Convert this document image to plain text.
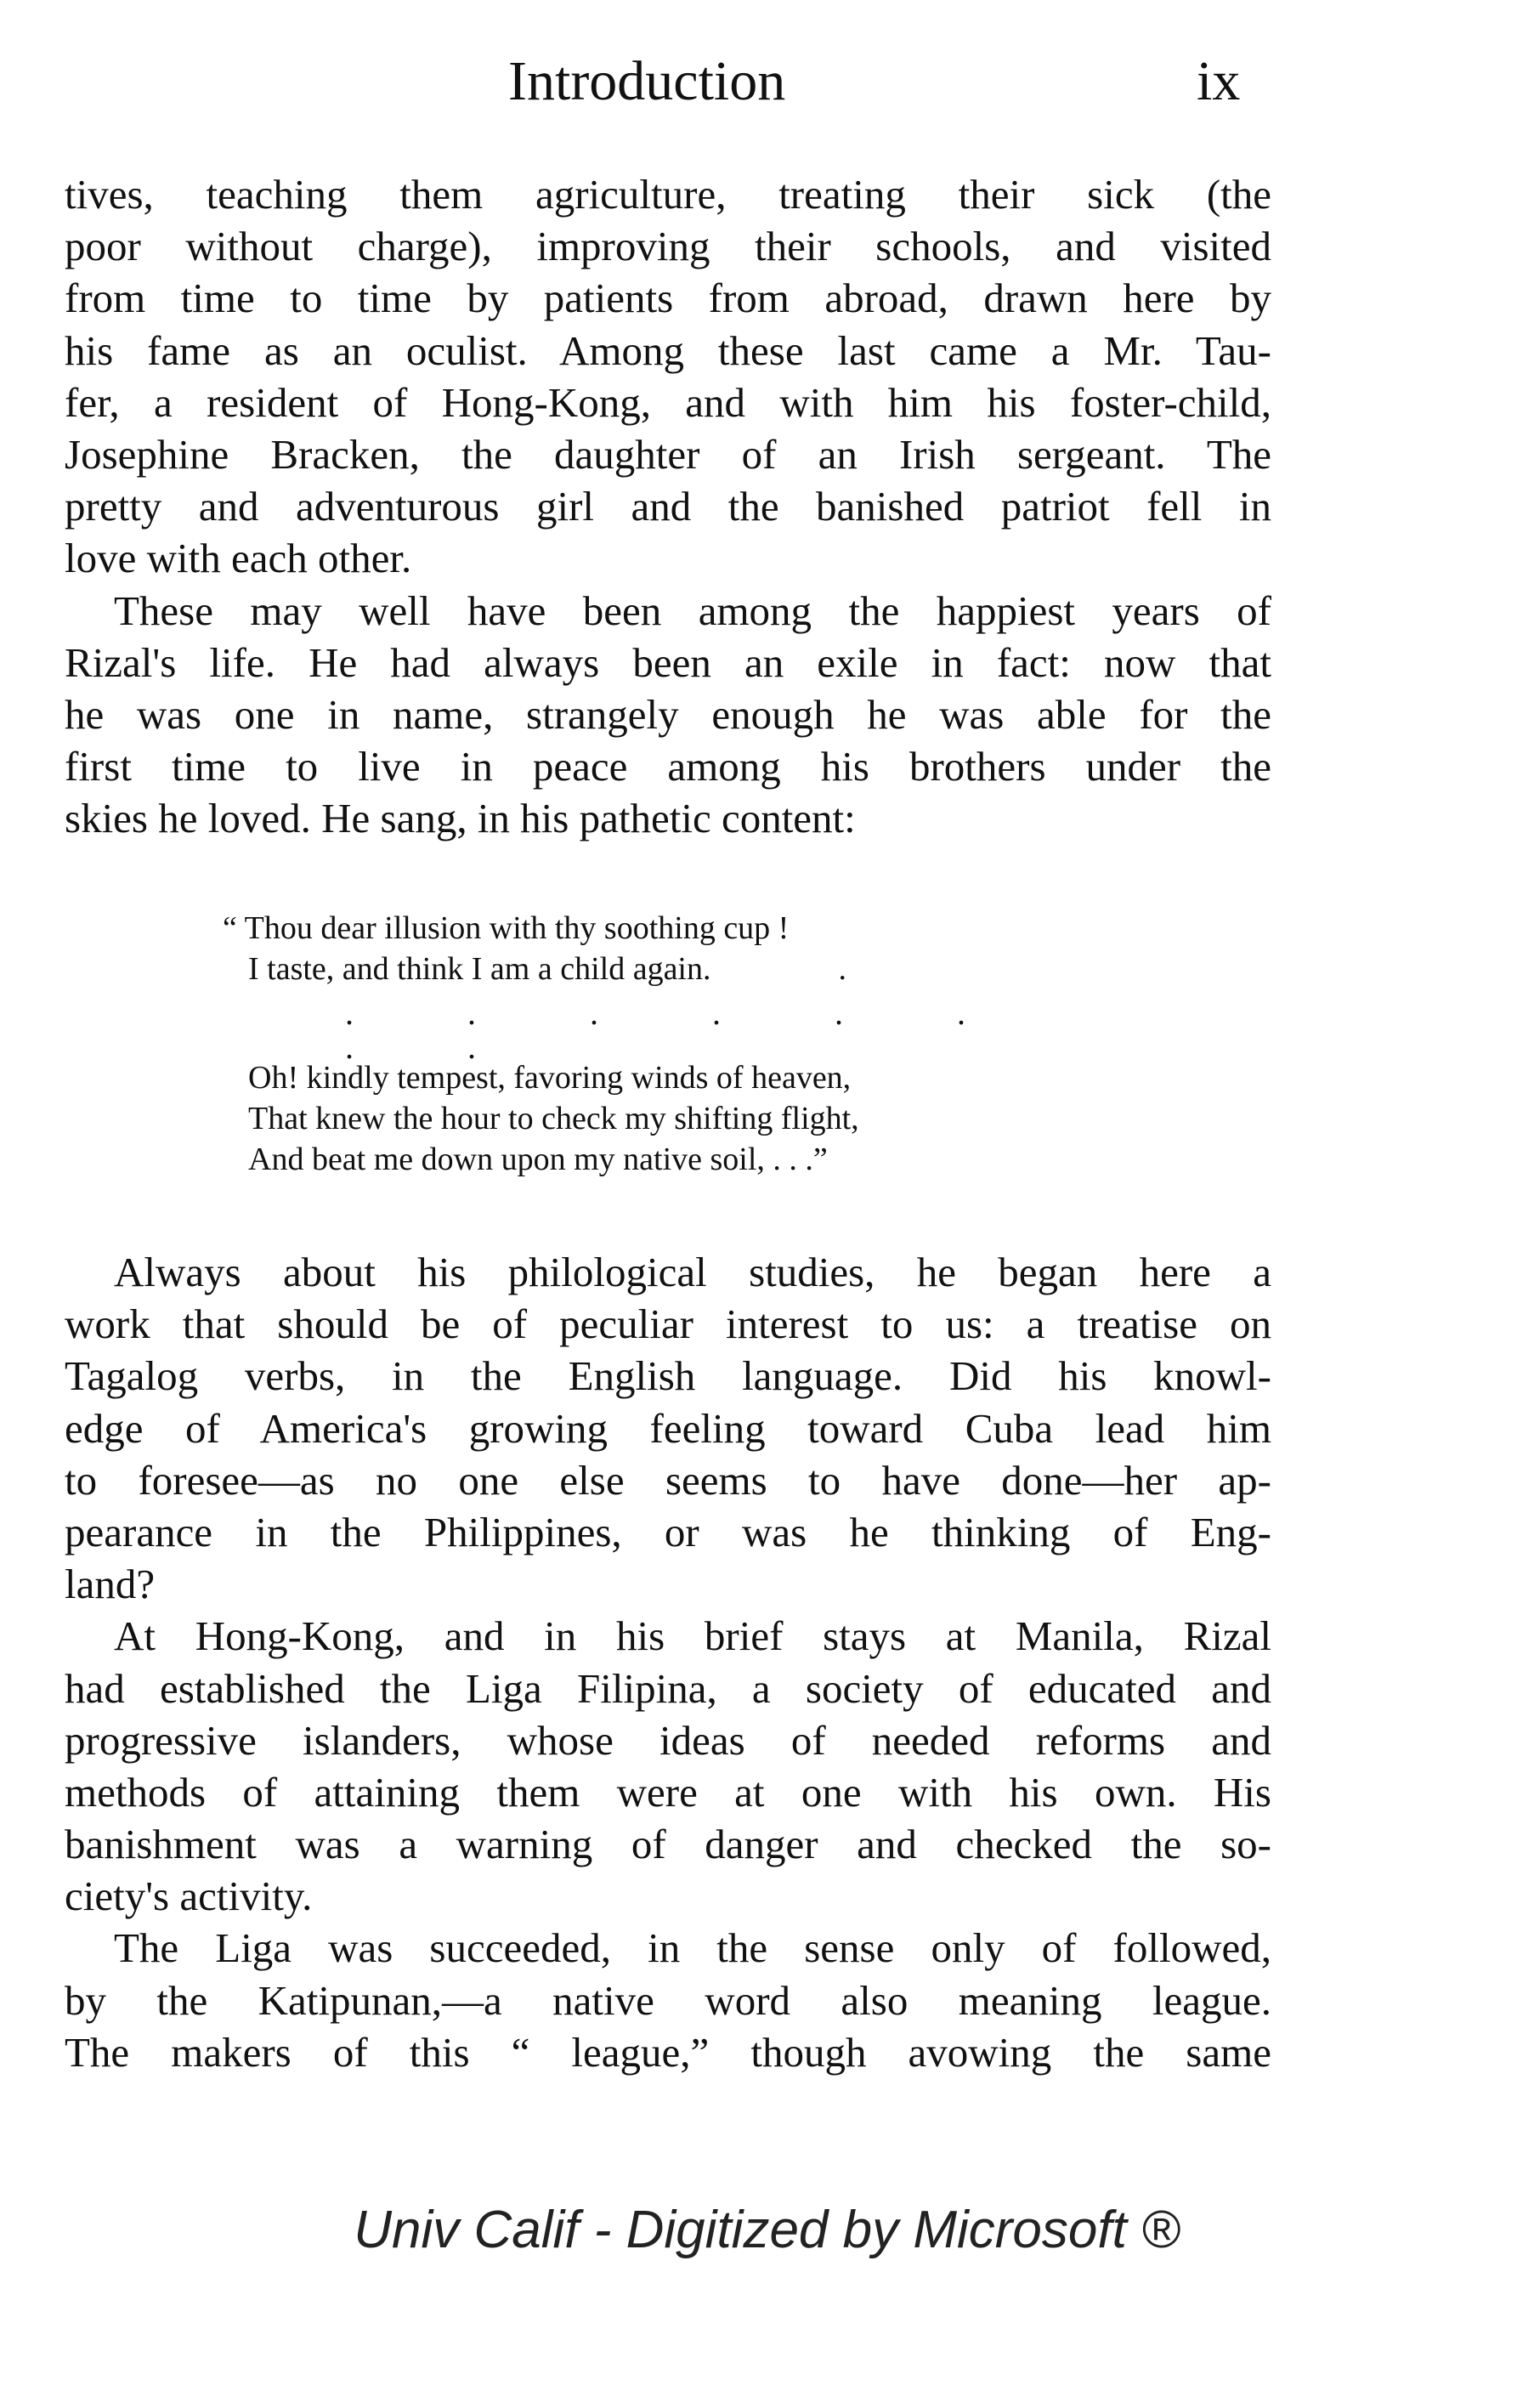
Introduction	ix
tives, teaching them agriculture, treating their sick (the
poor without charge), improving their schools, and visited
from time to time by patients from abroad, drawn here by
his fame as an oculist. Among these last came a Mr. Tau-
fer, a resident of Hong-Kong, and with him his foster-child,
Josephine Bracken, the daughter of an Irish sergeant. The
pretty and adventurous girl and the banished patriot fell in
love with each other.
These may well have been among the happiest years of
Rizal's life. He had always been an exile in fact: now that
he was one in name, strangely enough he was able for the
first time to live in peace among his brothers under the
skies he loved. He sang, in his pathetic content:
“ Thou dear illusion with thy soothing cup !
I taste, and think I am a child again.	.
. . . . . . . .
Oh! kindly tempest, favoring winds of heaven,
That knew the hour to check my shifting flight,
And beat me down upon my native soil, . . .”
Always about his philological studies, he began here a
work that should be of peculiar interest to us: a treatise on
Tagalog verbs, in the English language. Did his knowl-
edge of America's growing feeling toward Cuba lead him
to foresee—as no one else seems to have done—her ap-
pearance in the Philippines, or was he thinking of Eng-
land?
At Hong-Kong, and in his brief stays at Manila, Rizal
had established the Liga Filipina, a society of educated and
progressive islanders, whose ideas of needed reforms and
methods of attaining them were at one with his own. His
banishment was a warning of danger and checked the so-
ciety's activity.
The Liga was succeeded, in the sense only of followed,
by the Katipunan,—a native word also meaning league.
The makers of this “ league,” though avowing the same
Univ Calif - Digitized by Microsoft ®
